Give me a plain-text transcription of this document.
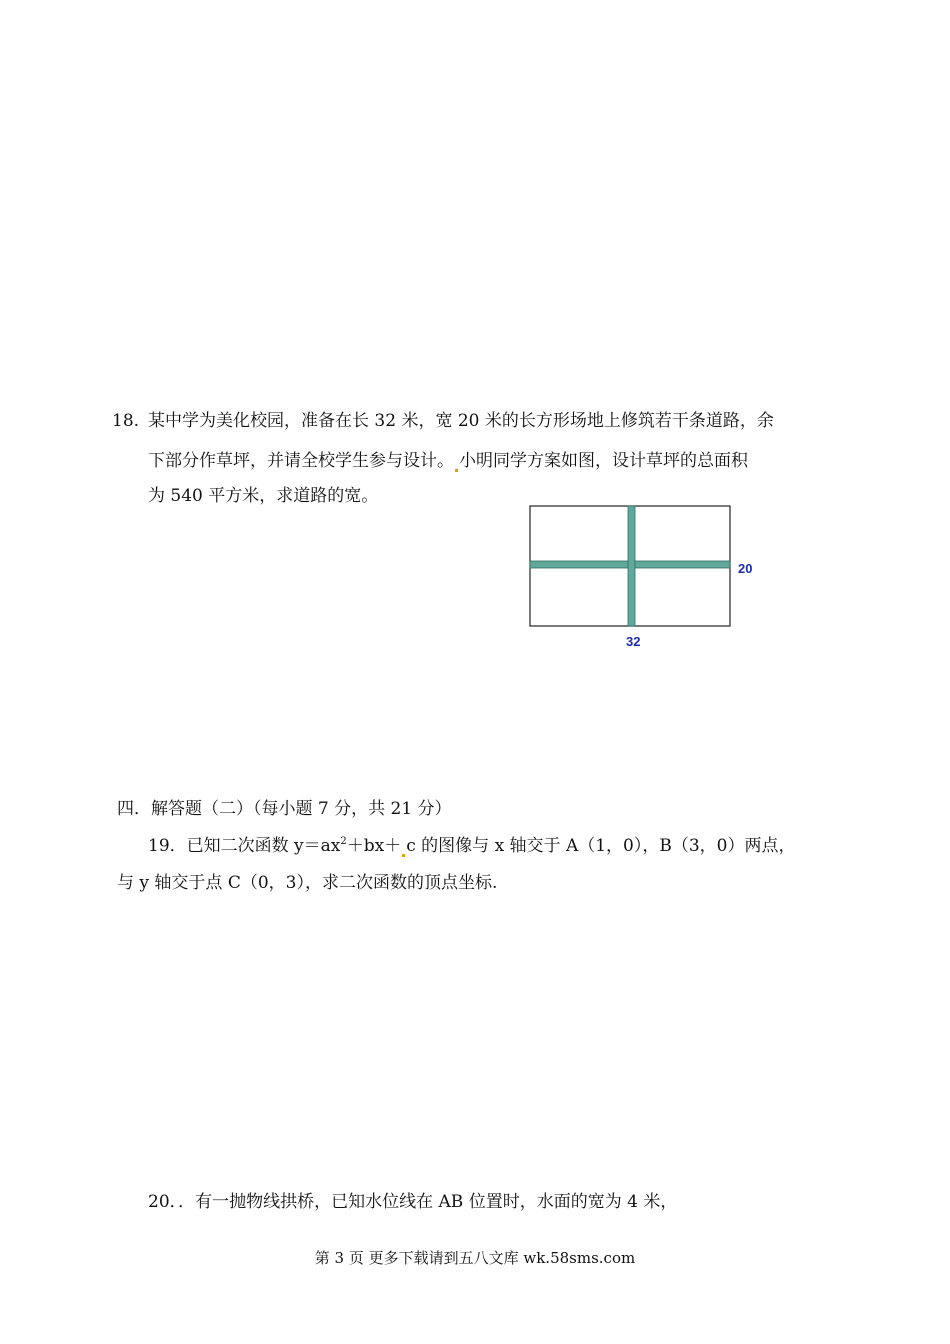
18. 某中学为美化校园，准备在长 32 米，宽 20 米的长方形场地上修筑若干条道路，余
下部分作草坪，并请全校学生参与设计。 小明同学方案如图，设计草坪的总面积
为 540 平方米，求道路的宽。
20
32
四．解答题（二）（每小题 7 分，共 21 分）
19．已知二次函数 $y=ax^2+bx+ c$ 的图像与 x 轴交于 A（1，0），B（3，0）两点，
与 y 轴交于点 C（0，3），求二次函数的顶点坐标.
20．．有一抛物线拱桥，已知水位线在 AB 位置时，水面的宽为 4 米，
第 3 页 更多下载请到五八文库 wk.58sms.com
